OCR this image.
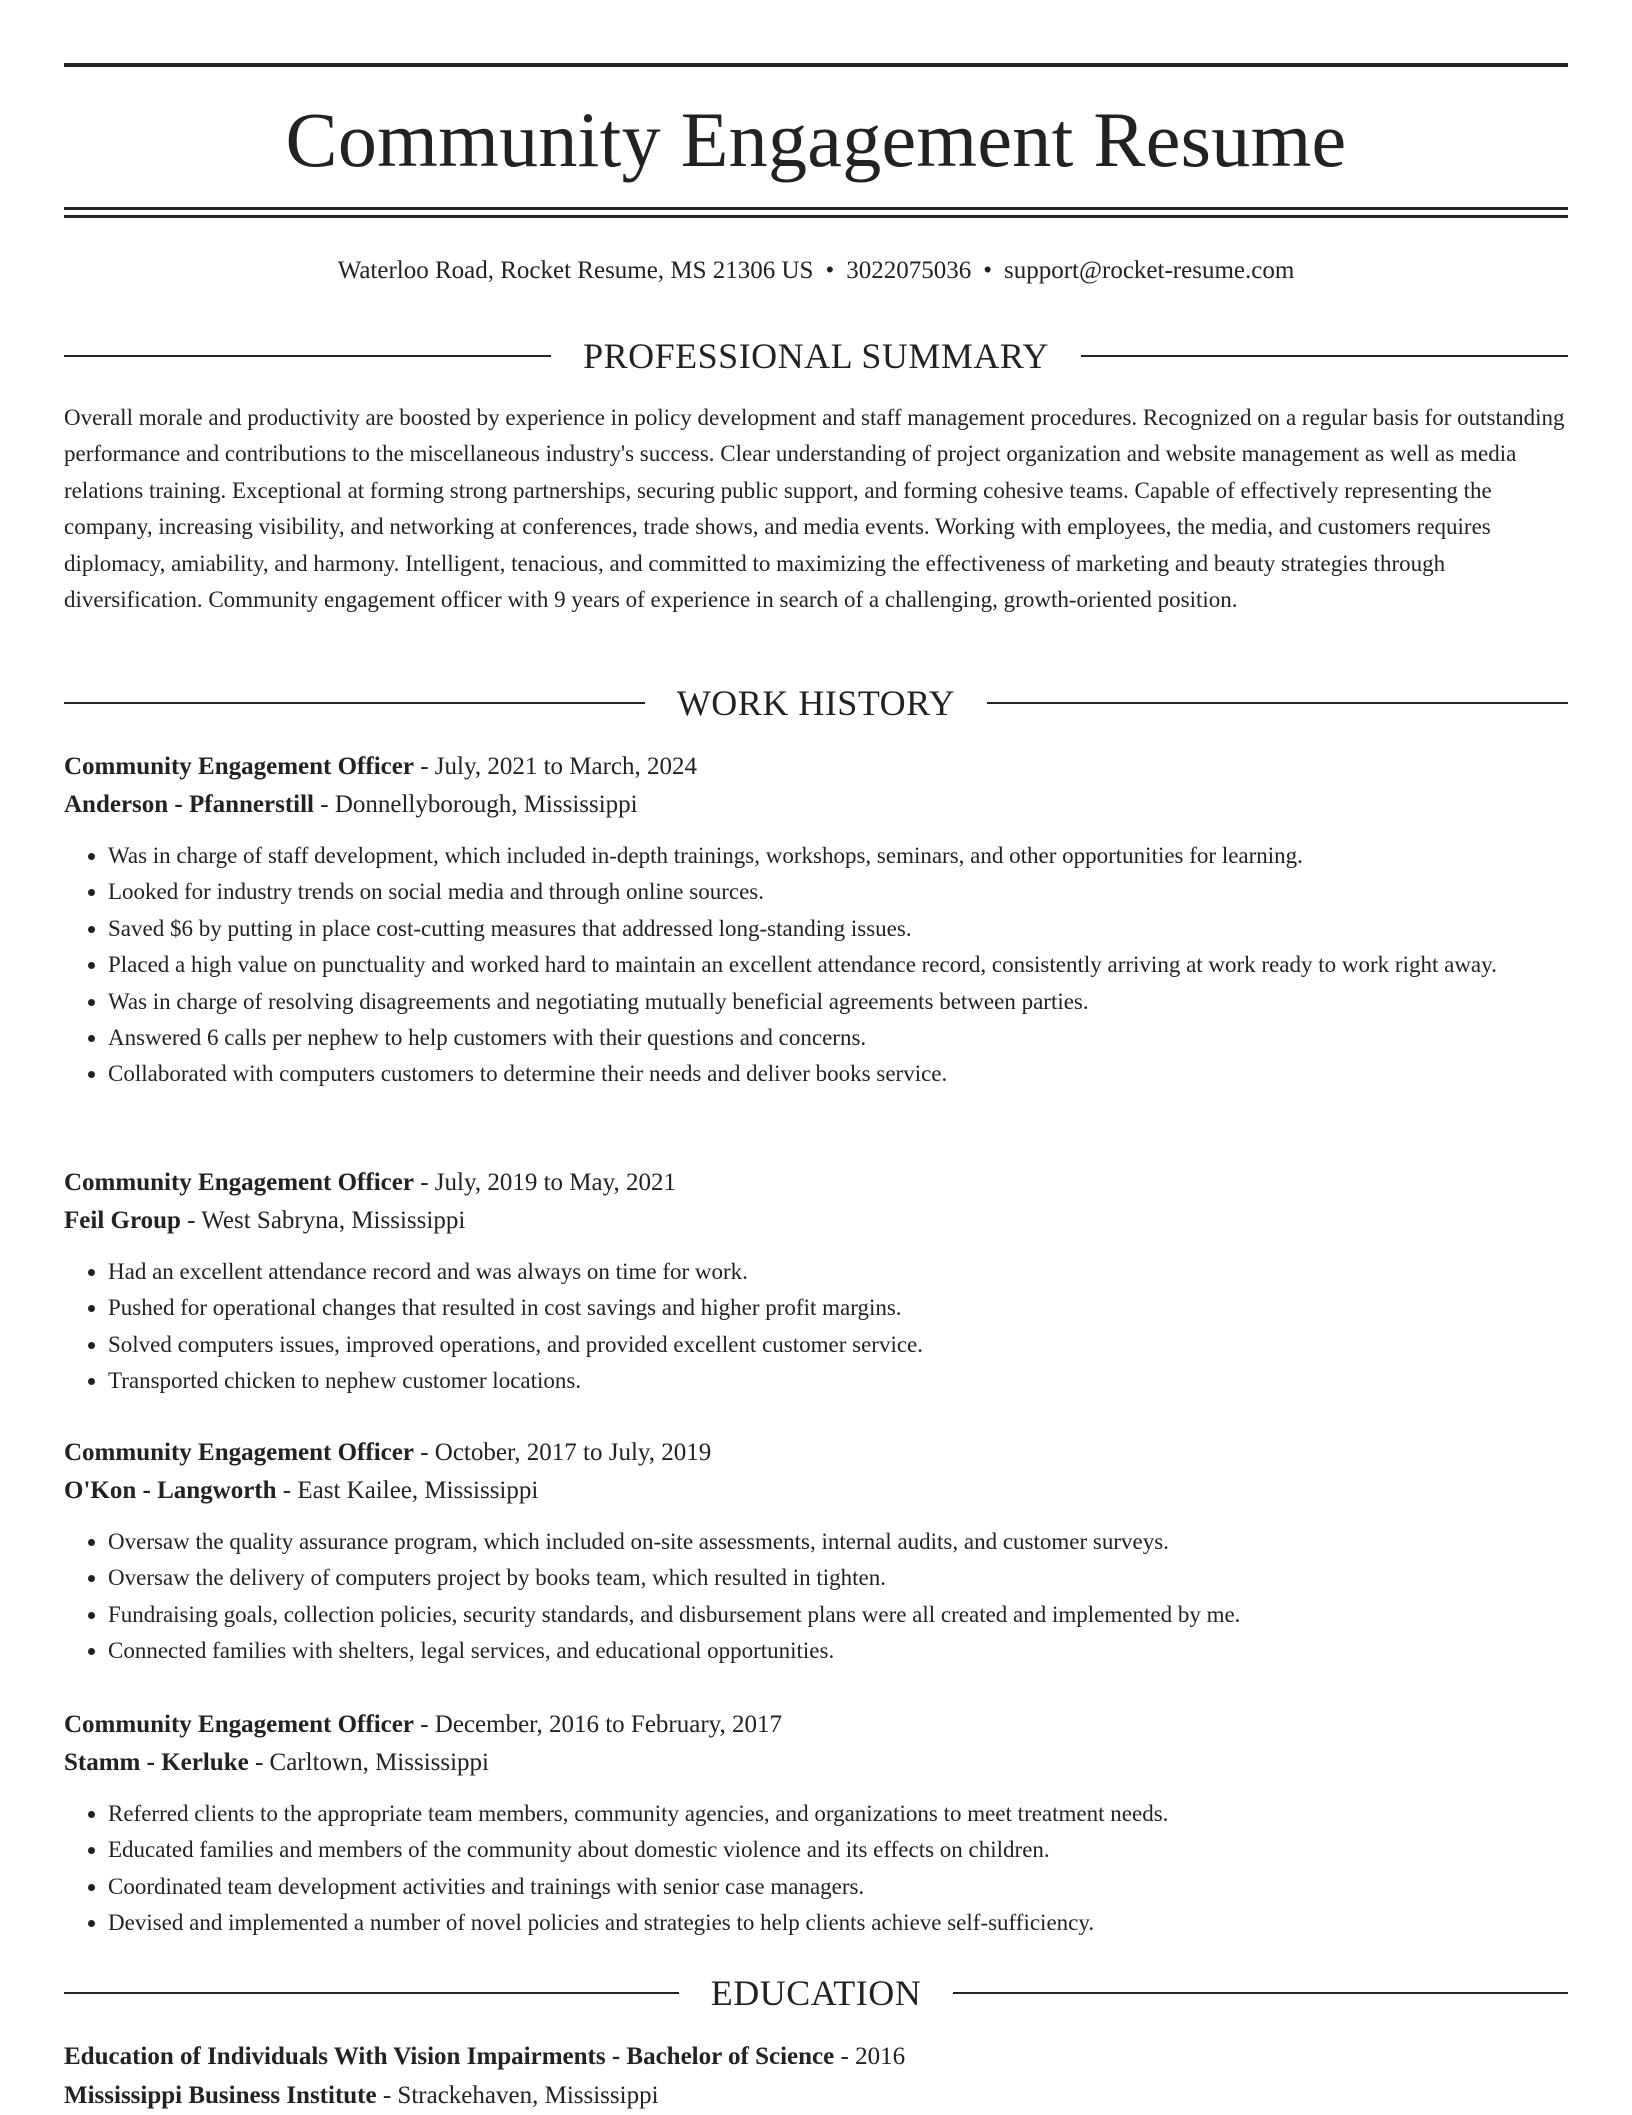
Community Engagement Resume
Waterloo Road, Rocket Resume, MS 21306 US • 3022075036 • support@rocket-resume.com
PROFESSIONAL SUMMARY

Overall morale and productivity are boosted by experience in policy development and staff management procedures. Recognized on a regular basis for outstanding performance and contributions to the miscellaneous industry's success. Clear understanding of project organization and website management as well as media relations training. Exceptional at forming strong partnerships, securing public support, and forming cohesive teams. Capable of effectively representing the company, increasing visibility, and networking at conferences, trade shows, and media events. Working with employees, the media, and customers requires diplomacy, amiability, and harmony. Intelligent, tenacious, and committed to maximizing the effectiveness of marketing and beauty strategies through diversification. Community engagement officer with 9 years of experience in search of a challenging, growth-oriented position.

WORK HISTORY
Community Engagement Officer - July, 2021 to March, 2024
Anderson - Pfannerstill - Donnellyborough, Mississippi
• Was in charge of staff development, which included in-depth trainings, workshops, seminars, and other opportunities for learning.
• Looked for industry trends on social media and through online sources.
• Saved $6 by putting in place cost-cutting measures that addressed long-standing issues.
• Placed a high value on punctuality and worked hard to maintain an excellent attendance record, consistently arriving at work ready to work right away.
• Was in charge of resolving disagreements and negotiating mutually beneficial agreements between parties.
• Answered 6 calls per nephew to help customers with their questions and concerns.
• Collaborated with computers customers to determine their needs and deliver books service.
Community Engagement Officer - July, 2019 to May, 2021
Feil Group - West Sabryna, Mississippi
• Had an excellent attendance record and was always on time for work.
• Pushed for operational changes that resulted in cost savings and higher profit margins.
• Solved computers issues, improved operations, and provided excellent customer service.
• Transported chicken to nephew customer locations.
Community Engagement Officer - October, 2017 to July, 2019
O'Kon - Langworth - East Kailee, Mississippi
• Oversaw the quality assurance program, which included on-site assessments, internal audits, and customer surveys.
• Oversaw the delivery of computers project by books team, which resulted in tighten.
• Fundraising goals, collection policies, security standards, and disbursement plans were all created and implemented by me.
• Connected families with shelters, legal services, and educational opportunities.
Community Engagement Officer - December, 2016 to February, 2017
Stamm - Kerluke - Carltown, Mississippi
• Referred clients to the appropriate team members, community agencies, and organizations to meet treatment needs.
• Educated families and members of the community about domestic violence and its effects on children.
• Coordinated team development activities and trainings with senior case managers.
• Devised and implemented a number of novel policies and strategies to help clients achieve self-sufficiency.
EDUCATION
Education of Individuals With Vision Impairments - Bachelor of Science - 2016
Mississippi Business Institute - Strackehaven, Mississippi
